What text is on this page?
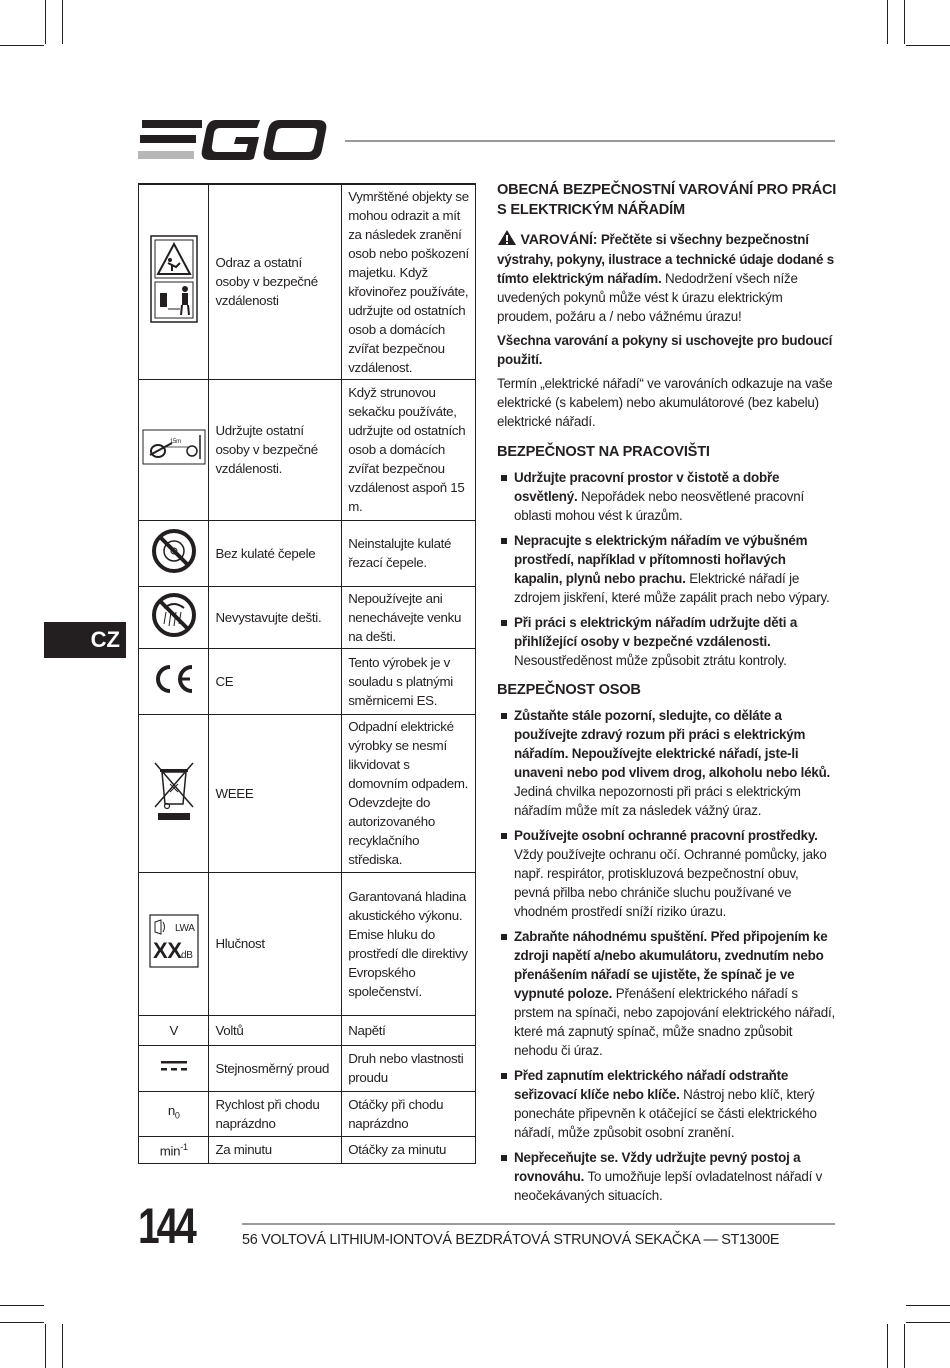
CZ
	Odraz a ostatní osoby v bezpečné vzdálenosti	Vymrštěné objekty se mohou odrazit a mít za následek zranění osob nebo poškození majetku. Když křovinořez používáte, udržujte od ostatních osob a domácích zvířat bezpečnou vzdálenost.

15m	Udržujte ostatní osoby v bezpečné vzdálenosti.	Když strunovou sekačku používáte, udržujte od ostatních osob a domácích zvířat bezpečnou vzdálenost aspoň 15 m.
	Bez kulaté čepele	Neinstalujte kulaté řezací čepele.
	Nevystavujte dešti.	Nepoužívejte ani nenechávejte venku na dešti.
	CE	Tento výrobek je v souladu s platnými směrnicemi ES.
	WEEE	Odpadní elektrické výrobky se nesmí likvidovat s domovním odpadem. Odevzdejte do autorizovaného recyklačního střediska.

LWA
XX dB	Hlučnost	Garantovaná hladina akustického výkonu. Emise hluku do prostředí dle direktivy Evropského společenství.
V	Voltů	Napětí
	Stejnosměrný proud	Druh nebo vlastnosti proudu
$n_0$	Rychlost při chodu naprázdno	Otáčky při chodu naprázdno
$\min^{-1}$	Za minutu	Otáčky za minutu
OBECNÁ BEZPEČNOSTNÍ VAROVÁNÍ PRO PRÁCI S ELEKTRICKÝM NÁŘADÍM

VAROVÁNÍ: Přečtěte si všechny bezpečnostní výstrahy, pokyny, ilustrace a technické údaje dodané s tímto elektrickým nářadím. Nedodržení všech níže uvedených pokynů může vést k úrazu elektrickým proudem, požáru a / nebo vážnému úrazu!

Všechna varování a pokyny si uschovejte pro budoucí použití.

Termín „elektrické nářadí“ ve varováních odkazuje na vaše elektrické (s kabelem) nebo akumulátorové (bez kabelu) elektrické nářadí.

BEZPEČNOST NA PRACOVIŠTI
Udržujte pracovní prostor v čistotě a dobře osvětlený. Nepořádek nebo neosvětlené pracovní oblasti mohou vést k úrazům.
Nepracujte s elektrickým nářadím ve výbušném prostředí, například v přítomnosti hořlavých kapalin, plynů nebo prachu. Elektrické nářadí je zdrojem jiskření, které může zapálit prach nebo výpary.
Při práci s elektrickým nářadím udržujte děti a přihlížející osoby v bezpečné vzdálenosti. Nesoustředěnost může způsobit ztrátu kontroly.
BEZPEČNOST OSOB
Zůstaňte stále pozorní, sledujte, co děláte a používejte zdravý rozum při práci s elektrickým nářadím. Nepoužívejte elektrické nářadí, jste-li unaveni nebo pod vlivem drog, alkoholu nebo léků. Jediná chvilka nepozornosti při práci s elektrickým nářadím může mít za následek vážný úraz.
Používejte osobní ochranné pracovní prostředky. Vždy používejte ochranu očí. Ochranné pomůcky, jako např. respirátor, protiskluzová bezpečnostní obuv, pevná přilba nebo chrániče sluchu používané ve vhodném prostředí sníží riziko úrazu.
Zabraňte náhodnému spuštění. Před připojením ke zdroji napětí a/nebo akumulátoru, zvednutím nebo přenášením nářadí se ujistěte, že spínač je ve vypnuté poloze. Přenášení elektrického nářadí s prstem na spínači, nebo zapojování elektrického nářadí, které má zapnutý spínač, může snadno způsobit nehodu či úraz.
Před zapnutím elektrického nářadí odstraňte seřizovací klíče nebo klíče. Nástroj nebo klíč, který ponecháte připevněn k otáčející se části elektrického nářadí, může způsobit osobní zranění.
Nepřeceňujte se. Vždy udržujte pevný postoj a rovnováhu. To umožňuje lepší ovladatelnost nářadí v neočekávaných situacích.
144	56 VOLTOVÁ LITHIUM-IONTOVÁ BEZDRÁTOVÁ STRUNOVÁ SEKAČKA — ST1300E
